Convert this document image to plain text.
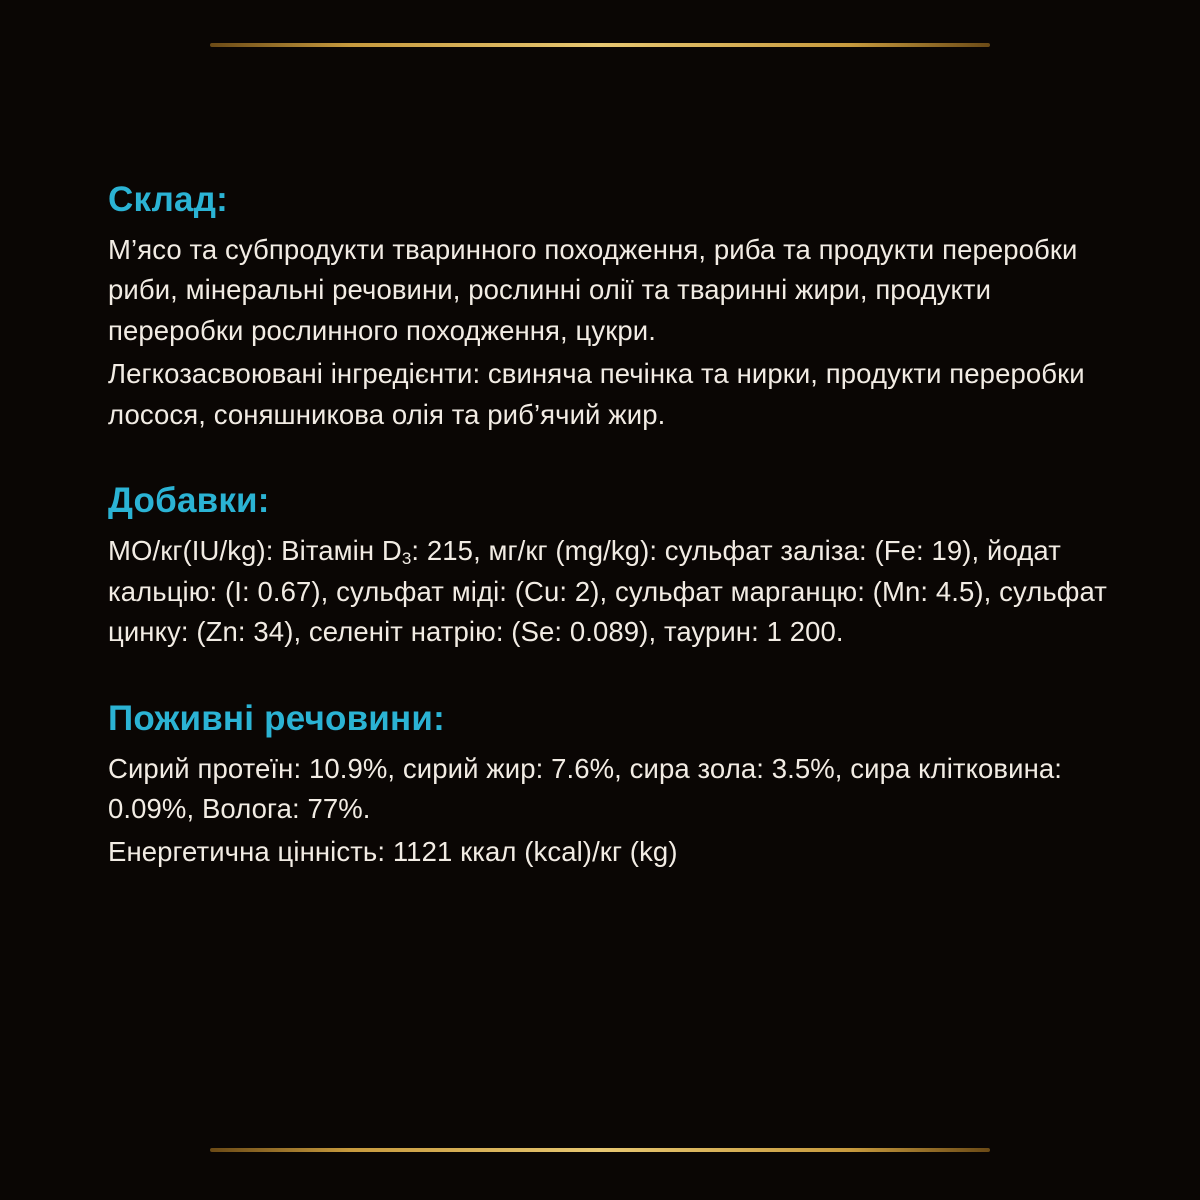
Склад:

М’ясо та субпродукти тваринного походження, риба та продукти переробки риби, мінеральні речовини, рослинні олії та тваринні жири, продукти переробки рослинного походження, цукри.

Легкозасвоювані інгредієнти: свиняча печінка та нирки, продукти переробки лосося, соняшникова олія та риб’ячий жир.

Добавки:

МО/кг(IU/kg): Вітамін $D_3$: 215, мг/кг (mg/kg): сульфат заліза: (Fe: 19), йодат кальцію: (I: 0.67), сульфат міді: (Cu: 2), сульфат марганцю: (Mn: 4.5), сульфат цинку: (Zn: 34), селеніт натрію: (Se: 0.089), таурин: 1 200.

Поживні речовини:

Сирий протеїн: 10.9%, сирий жир: 7.6%, сира зола: 3.5%, сира клітковина: 0.09%, Волога: 77%.

Енергетична цінність: 1121 ккал (kcal)/кг (kg)
